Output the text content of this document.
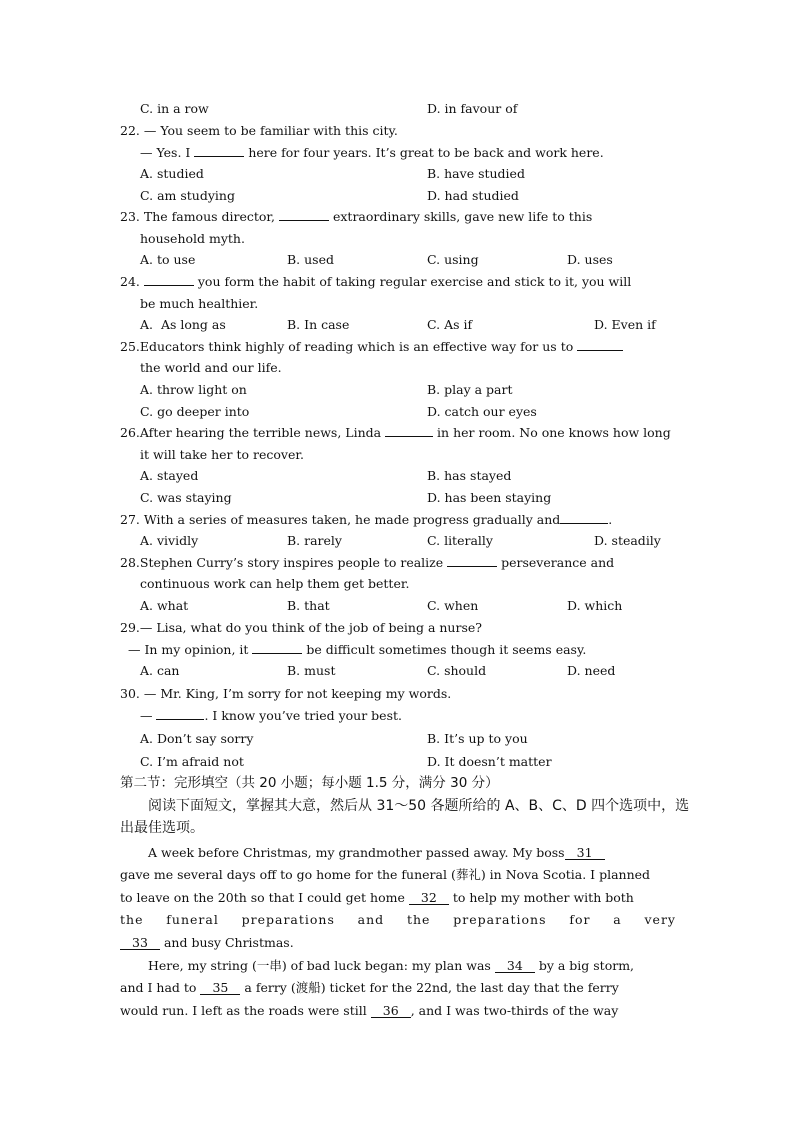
C. in a row	D. in favour of
22. — You seem to be familiar with this city.
— Yes. I	here for four years. It’s great to be back and work here.
A. studied	B. have studied
C. am studying	D. had studied
23. The famous director,	extraordinary skills, gave new life to this
household myth.
A. to use	B. used	C. using	D. uses
24.	you form the habit of taking regular exercise and stick to it, you will
be much healthier.
A.  As long as	B. In case	C. As if	D. Even if
25.Educators think highly of reading which is an effective way for us to
the world and our life.
A. throw light on	B. play a part
C. go deeper into	D. catch our eyes
26.After hearing the terrible news, Linda	in her room. No one knows how long
it will take her to recover.
A. stayed	B. has stayed
C. was staying	D. has been staying
27. With a series of measures taken, he made progress gradually and	.
A. vividly	B. rarely	C. literally	D. steadily
28.Stephen Curry’s story inspires people to realize	perseverance and
continuous work can help them get better.
A. what	B. that	C. when	D. which
29.— Lisa, what do you think of the job of being a nurse?
— In my opinion, it	be difficult sometimes though it seems easy.
A. can	B. must	C. should	D. need
30. — Mr. King, I’m sorry for not keeping my words.
—	. I know you’ve tried your best.
A. Don’t say sorry	B. It’s up to you
C. I’m afraid not	D. It doesn’t matter
第二节：完形填空（共 20 小题；每小题 1.5 分，满分 30 分）
阅读下面短文，掌握其大意，然后从 31～50 各题所给的 A、B、C、D 四个选项中，选
出最佳选项。
A week before Christmas, my grandmother passed away. My boss 31
gave me several days off to go home for the funeral (葬礼) in Nova Scotia. I planned
to leave on the 20th so that I could get home 32 to help my mother with both
the funeral preparations and the preparations for a very
33 and busy Christmas.
Here, my string (一串) of bad luck began: my plan was 34 by a big storm,
and I had to 35 a ferry (渡船) ticket for the 22nd, the last day that the ferry
would run. I left as the roads were still 36 , and I was two-thirds of the way
